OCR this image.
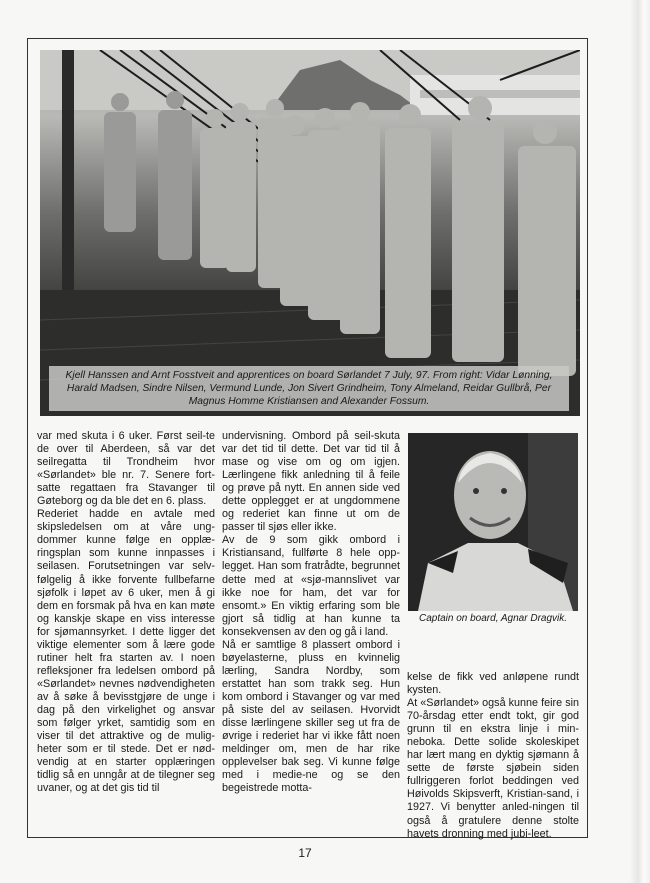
Kjell Hanssen and Arnt Fosstveit and apprentices on board Sørlandet 7 July, 97. From right: Vidar Lønning, Harald Madsen, Sindre Nilsen, Vermund Lunde, Jon Sivert Grindheim, Tony Almeland, Reidar Gullbrå, Per Magnus Homme Kristiansen and Alexander Fossum.

var med skuta i 6 uker. Først seil-te de over til Aberdeen, så var det seilregatta til Trondheim hvor «Sørlandet» ble nr. 7. Senere fort-satte regattaen fra Stavanger til Gøteborg og da ble det en 6. plass.

Rederiet hadde en avtale med skipsledelsen om at våre ung-dommer kunne følge en opplæ-ringsplan som kunne innpasses i seilasen. Forutsetningen var selv-følgelig å ikke forvente fullbefarne sjøfolk i løpet av 6 uker, men å gi dem en forsmak på hva en kan møte og kanskje skape en viss interesse for sjømannsyrket. I dette ligger det viktige elementer som å lære gode rutiner helt fra starten av. I noen refleksjoner fra ledelsen ombord på «Sørlandet» nevnes nødvendigheten av å søke å bevisstgjøre de unge i dag på den virkelighet og ansvar som følger yrket, samtidig som en viser til det attraktive og de mulig-heter som er til stede. Det er nød-vendig at en starter opplæringen tidlig så en unngår at de tilegner seg uvaner, og at det gis tid til

undervisning. Ombord på seil-skuta var det tid til dette. Det var tid til å mase og vise om og om igjen. Lærlingene fikk anledning til å feile og prøve på nytt. En annen side ved dette opplegget er at ungdommene og rederiet kan finne ut om de passer til sjøs eller ikke.

Av de 9 som gikk ombord i Kristiansand, fullførte 8 hele opp-legget. Han som fratrådte, begrunnet dette med at «sjø-mannslivet var ikke noe for ham, det var for ensomt.» En viktig erfaring som ble gjort så tidlig at han kunne ta konsekvensen av den og gå i land.

Nå er samtlige 8 plassert ombord i bøyelasterne, pluss en kvinnelig lærling, Sandra Nordby, som erstattet han som trakk seg. Hun kom ombord i Stavanger og var med på siste del av seilasen. Hvorvidt disse lærlingene skiller seg ut fra de øvrige i rederiet har vi ikke fått noen meldinger om, men de har rike opplevelser bak seg. Vi kunne følge med i medie-ne og se den begeistrede motta-

Captain on board, Agnar Dragvik.

kelse de fikk ved anløpene rundt kysten.

At «Sørlandet» også kunne feire sin 70-årsdag etter endt tokt, gir god grunn til en ekstra linje i min-neboka. Dette solide skoleskipet har lært mang en dyktig sjømann å sette de første sjøbein siden fullriggeren forlot beddingen ved Høivolds Skipsverft, Kristian-sand, i 1927. Vi benytter anled-ningen til også å gratulere denne stolte havets dronning med jubi-leet.

17
